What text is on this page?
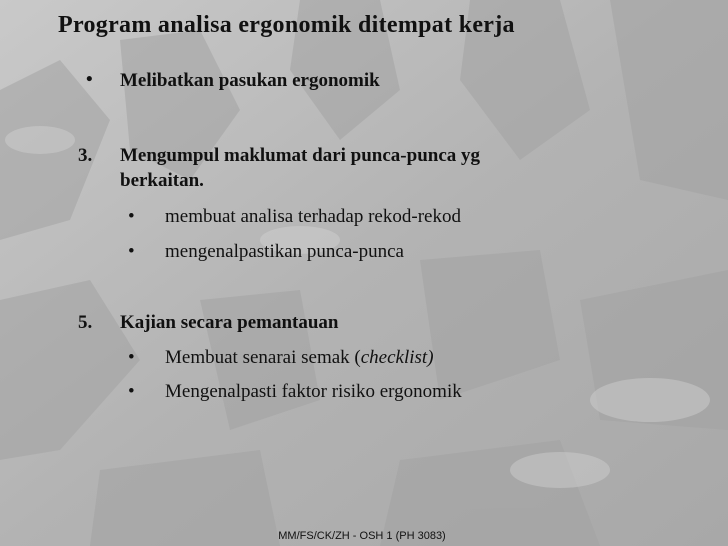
Program analisa ergonomik ditempat kerja
• Melibatkan pasukan ergonomik
3. Mengumpul maklumat dari punca-punca yg
berkaitan.
• membuat analisa terhadap rekod-rekod
• mengenalpastikan punca-punca
5. Kajian secara pemantauan
• Membuat senarai semak (checklist)
• Mengenalpasti faktor risiko ergonomik
MM/FS/CK/ZH - OSH 1 (PH 3083)
